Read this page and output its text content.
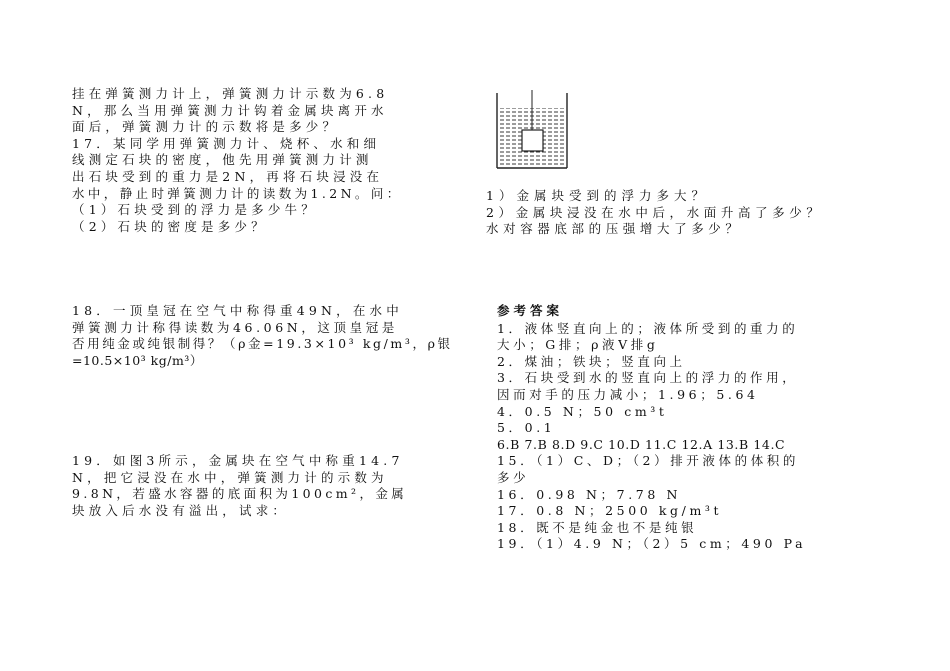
挂在弹簧测力计上，弹簧测力计示数为6.8
N，那么当用弹簧测力计钩着金属块离开水
面后，弹簧测力计的示数将是多少？
17．某同学用弹簧测力计、烧杯、水和细
线测定石块的密度，他先用弹簧测力计测
出石块受到的重力是2N，再将石块浸没在
水中，静止时弹簧测力计的读数为1.2N。问：
（1）石块受到的浮力是多少牛？
（2）石块的密度是多少？
18．一顶皇冠在空气中称得重49N，在水中
弹簧测力计称得读数为46.06N，这顶皇冠是
否用纯金或纯银制得？（ρ金=19.3×10³ kg/m³，ρ银
=10.5×10³ kg/m³）
19．如图3所示，金属块在空气中称重14.7
N，把它浸没在水中，弹簧测力计的示数为
9.8N，若盛水容器的底面积为100cm²，金属
块放入后水没有溢出，试求：
1）金属块受到的浮力多大？
2）金属块浸没在水中后，水面升高了多少？
水对容器底部的压强增大了多少？
参考答案
1．液体竖直向上的；液体所受到的重力的
大小；G排；ρ液V排g
2．煤油；铁块；竖直向上
3．石块受到水的竖直向上的浮力的作用，
因而对手的压力减小；1.96；5.64
4．0.5 N；50 cm³t
5．0.1
6.B 7.B 8.D 9.C 10.D 11.C 12.A 13.B 14.C
15．（1）C、D；（2）排开液体的体积的
多少
16．0.98 N；7.78 N
17．0.8 N；2500 kg/m³t
18．既不是纯金也不是纯银
19．（1）4.9 N；（2）5 cm；490 Pa
